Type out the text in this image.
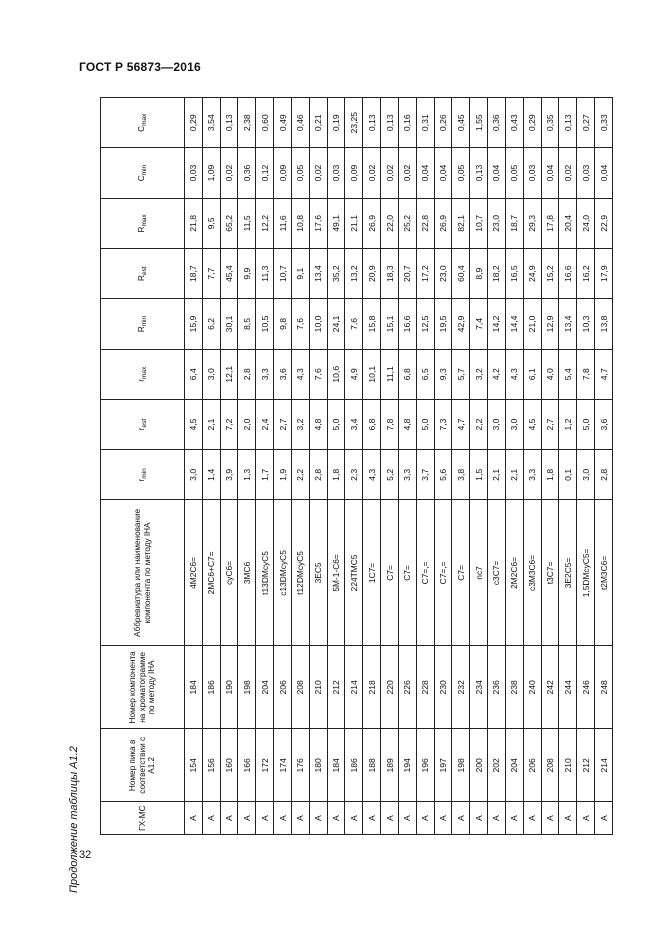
ГОСТ Р 56873—2016
Продолжение таблицы А1.2	ГХ-МС	Номер пика в соответствии с А1.2	Номер компонента на хроматограмме по методу IHA	Аббревиатура или наименование компонента по методу IHA	$r_{min}$	$r_{est}$	$r_{max}$	$R_{min}$	$R_{est}$	$R_{max}$	$C_{min}$	$C_{max}$
A	154	184	4M2C6=	3,0	4,5	6,4	15,9	18,7	21,8	0,03	0,29
A	156	186	2MC6+C7=	1,4	2,1	3,0	6,2	7,7	9,5	1,09	3,54
A	160	190	cyC6=	3,9	7,2	12,1	30,1	45,4	65,2	0,02	0,13
A	166	198	3MC6	1,3	2,0	2,8	8,5	9,9	11,5	0,36	2,38
A	172	204	t13DMcyC5	1,7	2,4	3,3	10,5	11,3	12,2	0,12	0,60
A	174	206	c13DMcyC5	1,9	2,7	3,6	9,8	10,7	11,6	0,09	0,49
A	176	208	t12DMcyC5	2,2	3,2	4,3	7,6	9,1	10,8	0,05	0,46
A	180	210	3EC5	2,8	4,8	7,6	10,0	13,4	17,6	0,02	0,21
A	184	212	5M-1-C6=	1,8	5,0	10,6	24,1	35,2	49,1	0,03	0,19
A	186	214	224TMC5	2,3	3,4	4,9	7,6	13,2	21,1	0,09	23,25
A	188	218	1C7=	4,3	6,8	10,1	15,8	20,9	26,9	0,02	0,13
A	189	220	C7=	5,2	7,8	11,1	15,1	18,3	22,0	0,02	0,13
A	194	226	C7=	3,3	4,8	6,8	16,6	20,7	25,2	0,02	0,16
A	196	228	C7=,=	3,7	5,0	6,5	12,5	17,2	22,8	0,04	0,31
A	197	230	C7=,=	5,6	7,3	9,3	19,5	23,0	26,9	0,04	0,26
A	198	232	C7=	3,8	4,7	5,7	42,9	60,4	82,1	0,05	0,45
A	200	234	nc7	1,5	2,2	3,2	7,4	8,9	10,7	0,13	1,55
A	202	236	c3C7=	2,1	3,0	4,2	14,2	18,2	23,0	0,04	0,36
A	204	238	2M2C6=	2,1	3,0	4,3	14,4	16,5	18,7	0,05	0,43
A	206	240	c3M3C6=	3,3	4,5	6,1	21,0	24,9	29,3	0,03	0,29
A	208	242	t3C7=	1,8	2,7	4,0	12,9	15,2	17,8	0,04	0,35
A	210	244	3E2C5=	0,1	1,2	5,4	13,4	16,6	20,4	0,02	0,13
A	212	246	1,5DMcyC5=	3,0	5,0	7,8	10,3	16,2	24,0	0,03	0,27
A	214	248	t2M3C6=	2,8	3,6	4,7	13,8	17,9	22,9	0,04	0,33
32
